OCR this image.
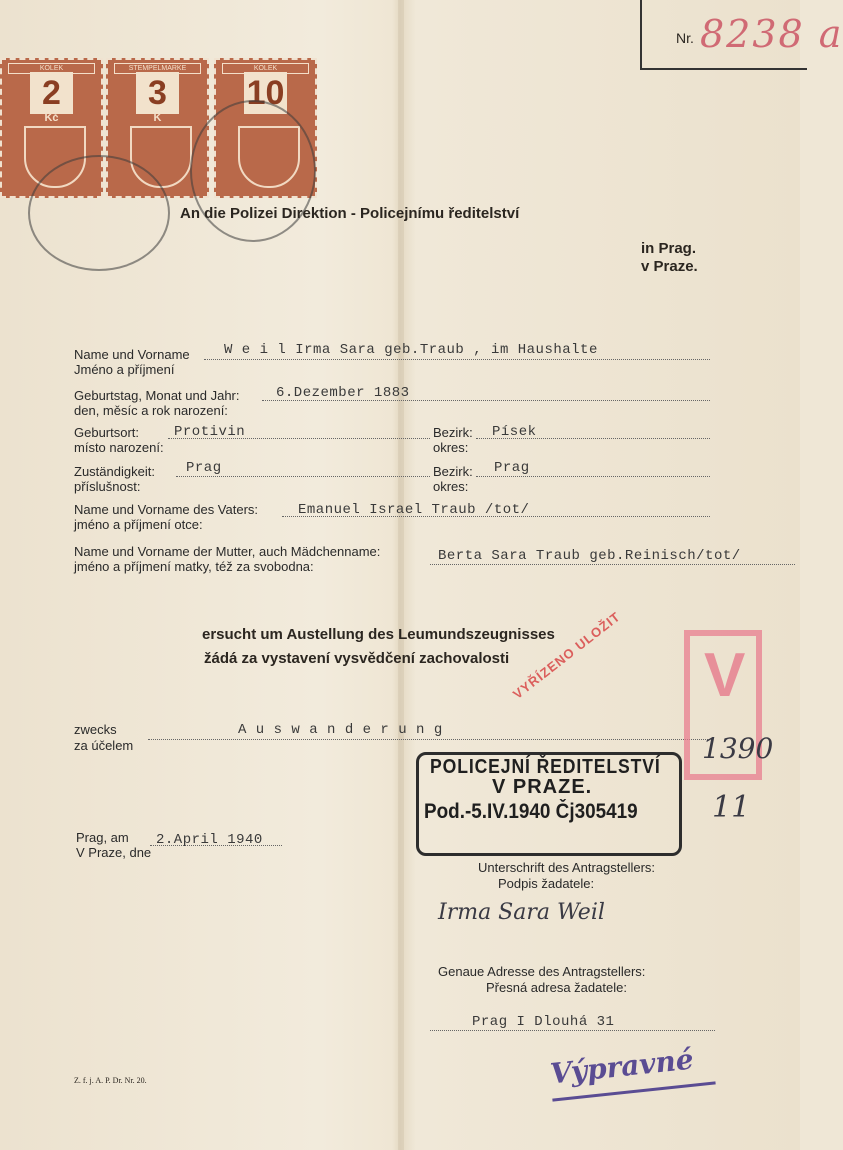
Nr. 8238 a
KOLEK
2
Kč
STEMPELMARKE
3
K
KOLEK
10
An die Polizei Direktion - Policejnímu ředitelství
in Prag.
v Praze.
Name und Vorname
Jméno a příjmení
W e i l Irma Sara geb.Traub , im Haushalte
Geburtstag, Monat und Jahr:
den, měsíc a rok narození:
6.Dezember 1883
Geburtsort:
místo narození:
Protivin	Bezirk:
okres:
Písek
Zuständigkeit:
příslušnost:
Prag	Bezirk:
okres:
Prag
Name und Vorname des Vaters:
jméno a příjmení otce:
Emanuel Israel Traub /tot/
Name und Vorname der Mutter, auch Mädchenname:
jméno a příjmení matky, též za svobodna:
Berta Sara Traub geb.Reinisch/tot/
ersucht um Austellung des Leumundszeugnisses
žádá za vystavení vysvědčení zachovalosti
zwecks
za účelem
A u s w a n d e r u n g
Prag, am
V Praze, dne
2.April 1940
Unterschrift des Antragstellers:
Podpis žadatele:
Irma Sara Weil
Genaue Adresse des Antragstellers:
Přesná adresa žadatele:
Prag I Dlouhá 31
Z. f. j. A. P. Dr. Nr. 20.
V
VYŘÍZENO ULOŽIT
POLICEJNÍ ŘEDITELSTVÍ
V PRAZE.
Pod.-5.IV.1940 Čj305419
1390
11
Výpravné
